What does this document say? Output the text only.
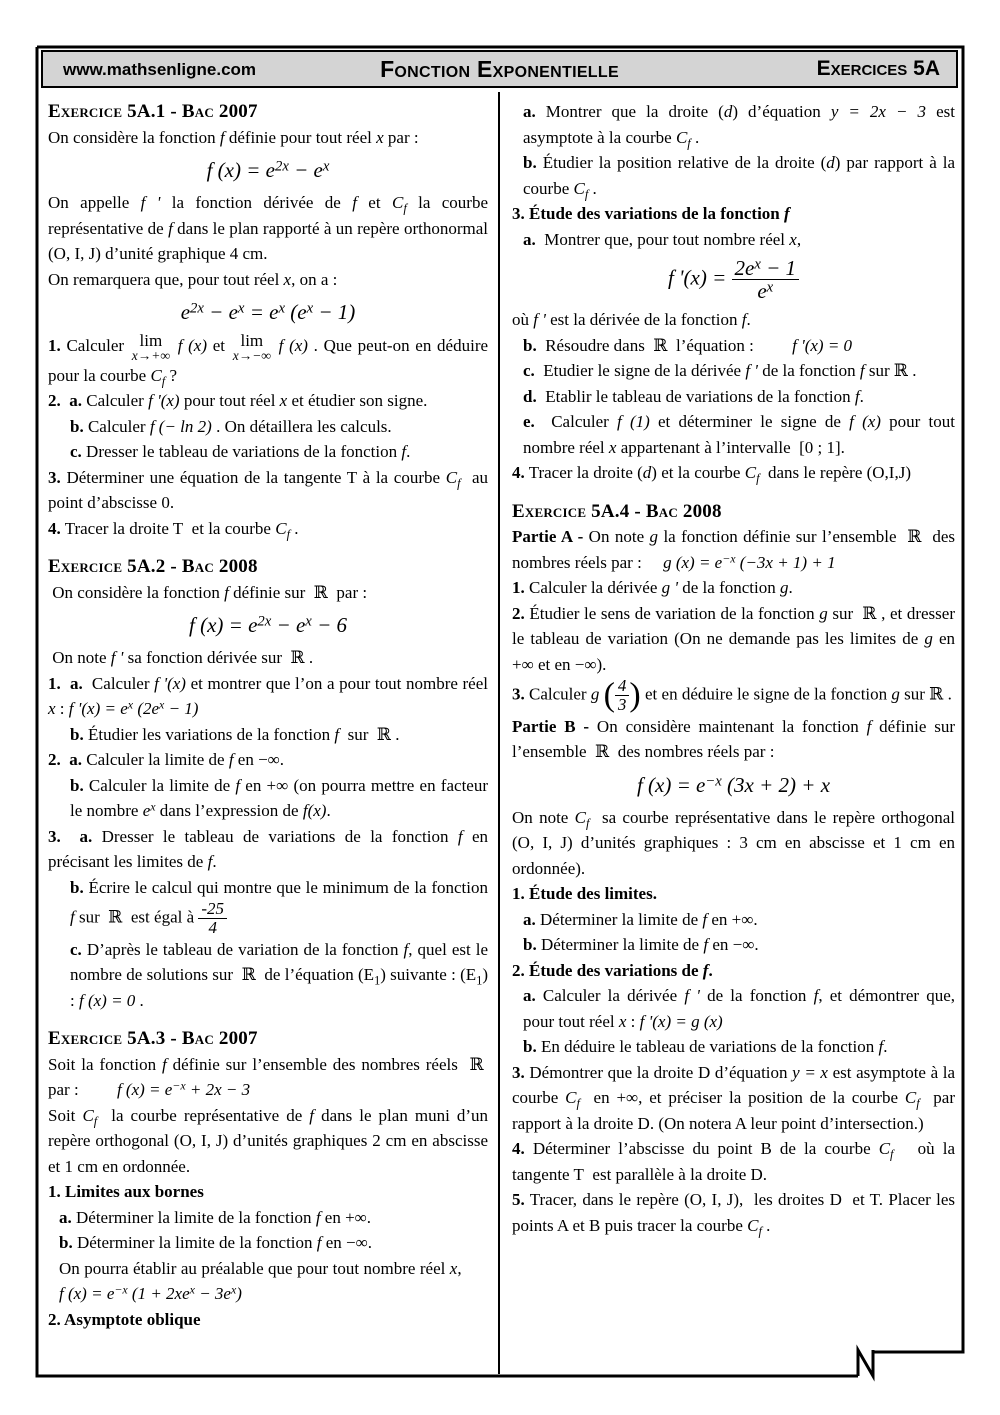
www.mathsenligne.com	Fonction Exponentielle	Exercices 5A
Exercice 5A.1 - Bac 2007
On considère la fonction f définie pour tout réel x par :
f $(x) = e^{2x} - e^x$
On appelle f ' la fonction dérivée de f et $C_f$ la courbe représentative de f dans le plan rapporté à un repère orthonormal (O, I, J) d’unité graphique 4 cm.
On remarquera que, pour tout réel x, on a :
$e^{2x} - e^x = e^x$ $(e^x - 1)$
1. Calculer lim
x→+∞
f (x) et lim
x→−∞
f (x) . Que peut-on en déduire pour la courbe $C_f$ ?
2.  a. Calculer f '(x) pour tout réel x et étudier son signe.
b. Calculer f (− ln 2) . On détaillera les calculs.
c. Dresser le tableau de variations de la fonction f.
3. Déterminer une équation de la tangente T à la courbe $C_f$  au point d’abscisse 0.
4. Tracer la droite T  et la courbe $C_f$ .
Exercice 5A.2 - Bac 2008
On considère la fonction f définie sur  ℝ  par :
f $(x) = e^{2x} - e^x - 6$
On note f ' sa fonction dérivée sur  ℝ .
1.  a.  Calculer f '(x) et montrer que l’on a pour tout nombre réel x : f '$(x) = e^x$ $(2e^x - 1)$
b. Étudier les variations de la fonction f  sur  ℝ .
2.  a. Calculer la limite de f en −∞.
b. Calculer la limite de f en +∞ (on pourra mettre en facteur le nombre $e^x$ dans l’expression de f(x).
3.  a. Dresser le tableau de variations de la fonction f en précisant les limites de f.
b. Écrire le calcul qui montre que le minimum de la fonction f sur  ℝ  est égal à $\frac{-25}{4}$
c. D’après le tableau de variation de la fonction f, quel est le nombre de solutions sur  ℝ  de l’équation $(E_1)$ suivante : $(E_1)$ : f (x) = 0 .
Exercice 5A.3 - Bac 2007
Soit la fonction f définie sur l’ensemble des nombres réels  ℝ  par :         f $(x) = e^{-x} + 2x - 3$
Soit $C_f$  la courbe représentative de f dans le plan muni d’un repère orthogonal (O, I, J) d’unités graphiques 2 cm en abscisse et 1 cm en ordonnée.
1. Limites aux bornes
a. Déterminer la limite de la fonction f en +∞.
b. Déterminer la limite de la fonction f en −∞.
On pourra établir au préalable que pour tout nombre réel x,       f $(x) = e^{-x}$ $(1 + 2xe^x - 3e^x)$
2. Asymptote oblique
a. Montrer que la droite (d) d’équation y = 2x − 3 est asymptote à la courbe $C_f$ .
b. Étudier la position relative de la droite (d) par rapport à la courbe $C_f$ .
3. Étude des variations de la fonction f
a.  Montrer que, pour tout nombre réel x,
f '$(x) = \frac{2e^x - 1}{e^x}$
où f ' est la dérivée de la fonction f.
b.  Résoudre dans  ℝ  l’équation :         f '(x) = 0
c.  Etudier le signe de la dérivée f ' de la fonction f sur ℝ .
d.  Etablir le tableau de variations de la fonction f.
e.  Calculer f (1) et déterminer le signe de f (x) pour tout nombre réel x appartenant à l’intervalle  [0 ; 1].
4. Tracer la droite (d) et la courbe $C_f$  dans le repère (O,I,J)
Exercice 5A.4 - Bac 2008
Partie A - On note g la fonction définie sur l’ensemble  ℝ  des nombres réels par :     g $(x) = e^{-x}$ (−3x + 1) + 1
1. Calculer la dérivée g ' de la fonction g.
2. Étudier le sens de variation de la fonction g sur  ℝ , et dresser le tableau de variation (On ne demande pas les limites de g en +∞ et en −∞).
3. Calculer g ( $\frac{4}{3}$ ) et en déduire le signe de la fonction g sur ℝ .
Partie B - On considère maintenant la fonction f définie sur l’ensemble  ℝ  des nombres réels par :
f $(x) = e^{-x}$ (3x + 2) + x
On note $C_f$  sa courbe représentative dans le repère orthogonal (O, I, J) d’unités graphiques : 3 cm en abscisse et 1 cm en ordonnée).
1. Étude des limites.
a. Déterminer la limite de f en +∞.
b. Déterminer la limite de f en −∞.
2. Étude des variations de f.
a. Calculer la dérivée f ' de la fonction f, et démontrer que, pour tout réel x : f '(x) = g (x)
b. En déduire le tableau de variations de la fonction f.
3. Démontrer que la droite D d’équation y = x est asymptote à la courbe $C_f$  en +∞, et préciser la position de la courbe $C_f$  par rapport à la droite D. (On notera A leur point d’intersection.)
4. Déterminer l’abscisse du point B de la courbe $C_f$   où la tangente T  est parallèle à la droite D.
5. Tracer, dans le repère (O, I, J),  les droites D  et T. Placer les points A et B puis tracer la courbe $C_f$ .
